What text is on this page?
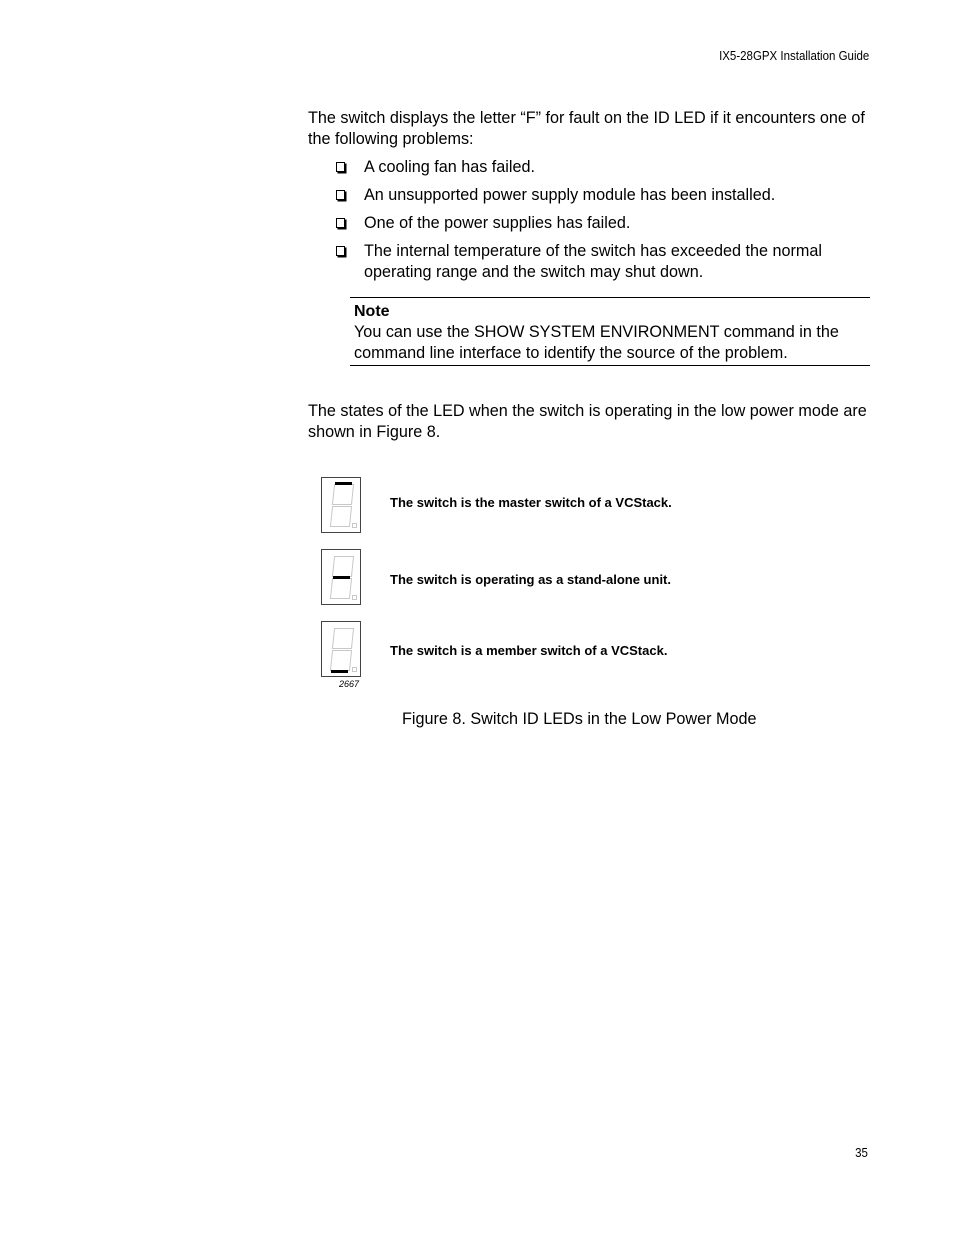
IX5-28GPX Installation Guide

The switch displays the letter “F” for fault on the ID LED if it encounters one of the following problems:

A cooling fan has failed.
An unsupported power supply module has been installed.
One of the power supplies has failed.
The internal temperature of the switch has exceeded the normal operating range and the switch may shut down.
Note
You can use the SHOW SYSTEM ENVIRONMENT command in the command line interface to identify the source of the problem.

The states of the LED when the switch is operating in the low power mode are shown in Figure 8.

The switch is the master switch of a VCStack.
The switch is operating as a stand-alone unit.
The switch is a member switch of a VCStack.
2667
Figure 8. Switch ID LEDs in the Low Power Mode
35
